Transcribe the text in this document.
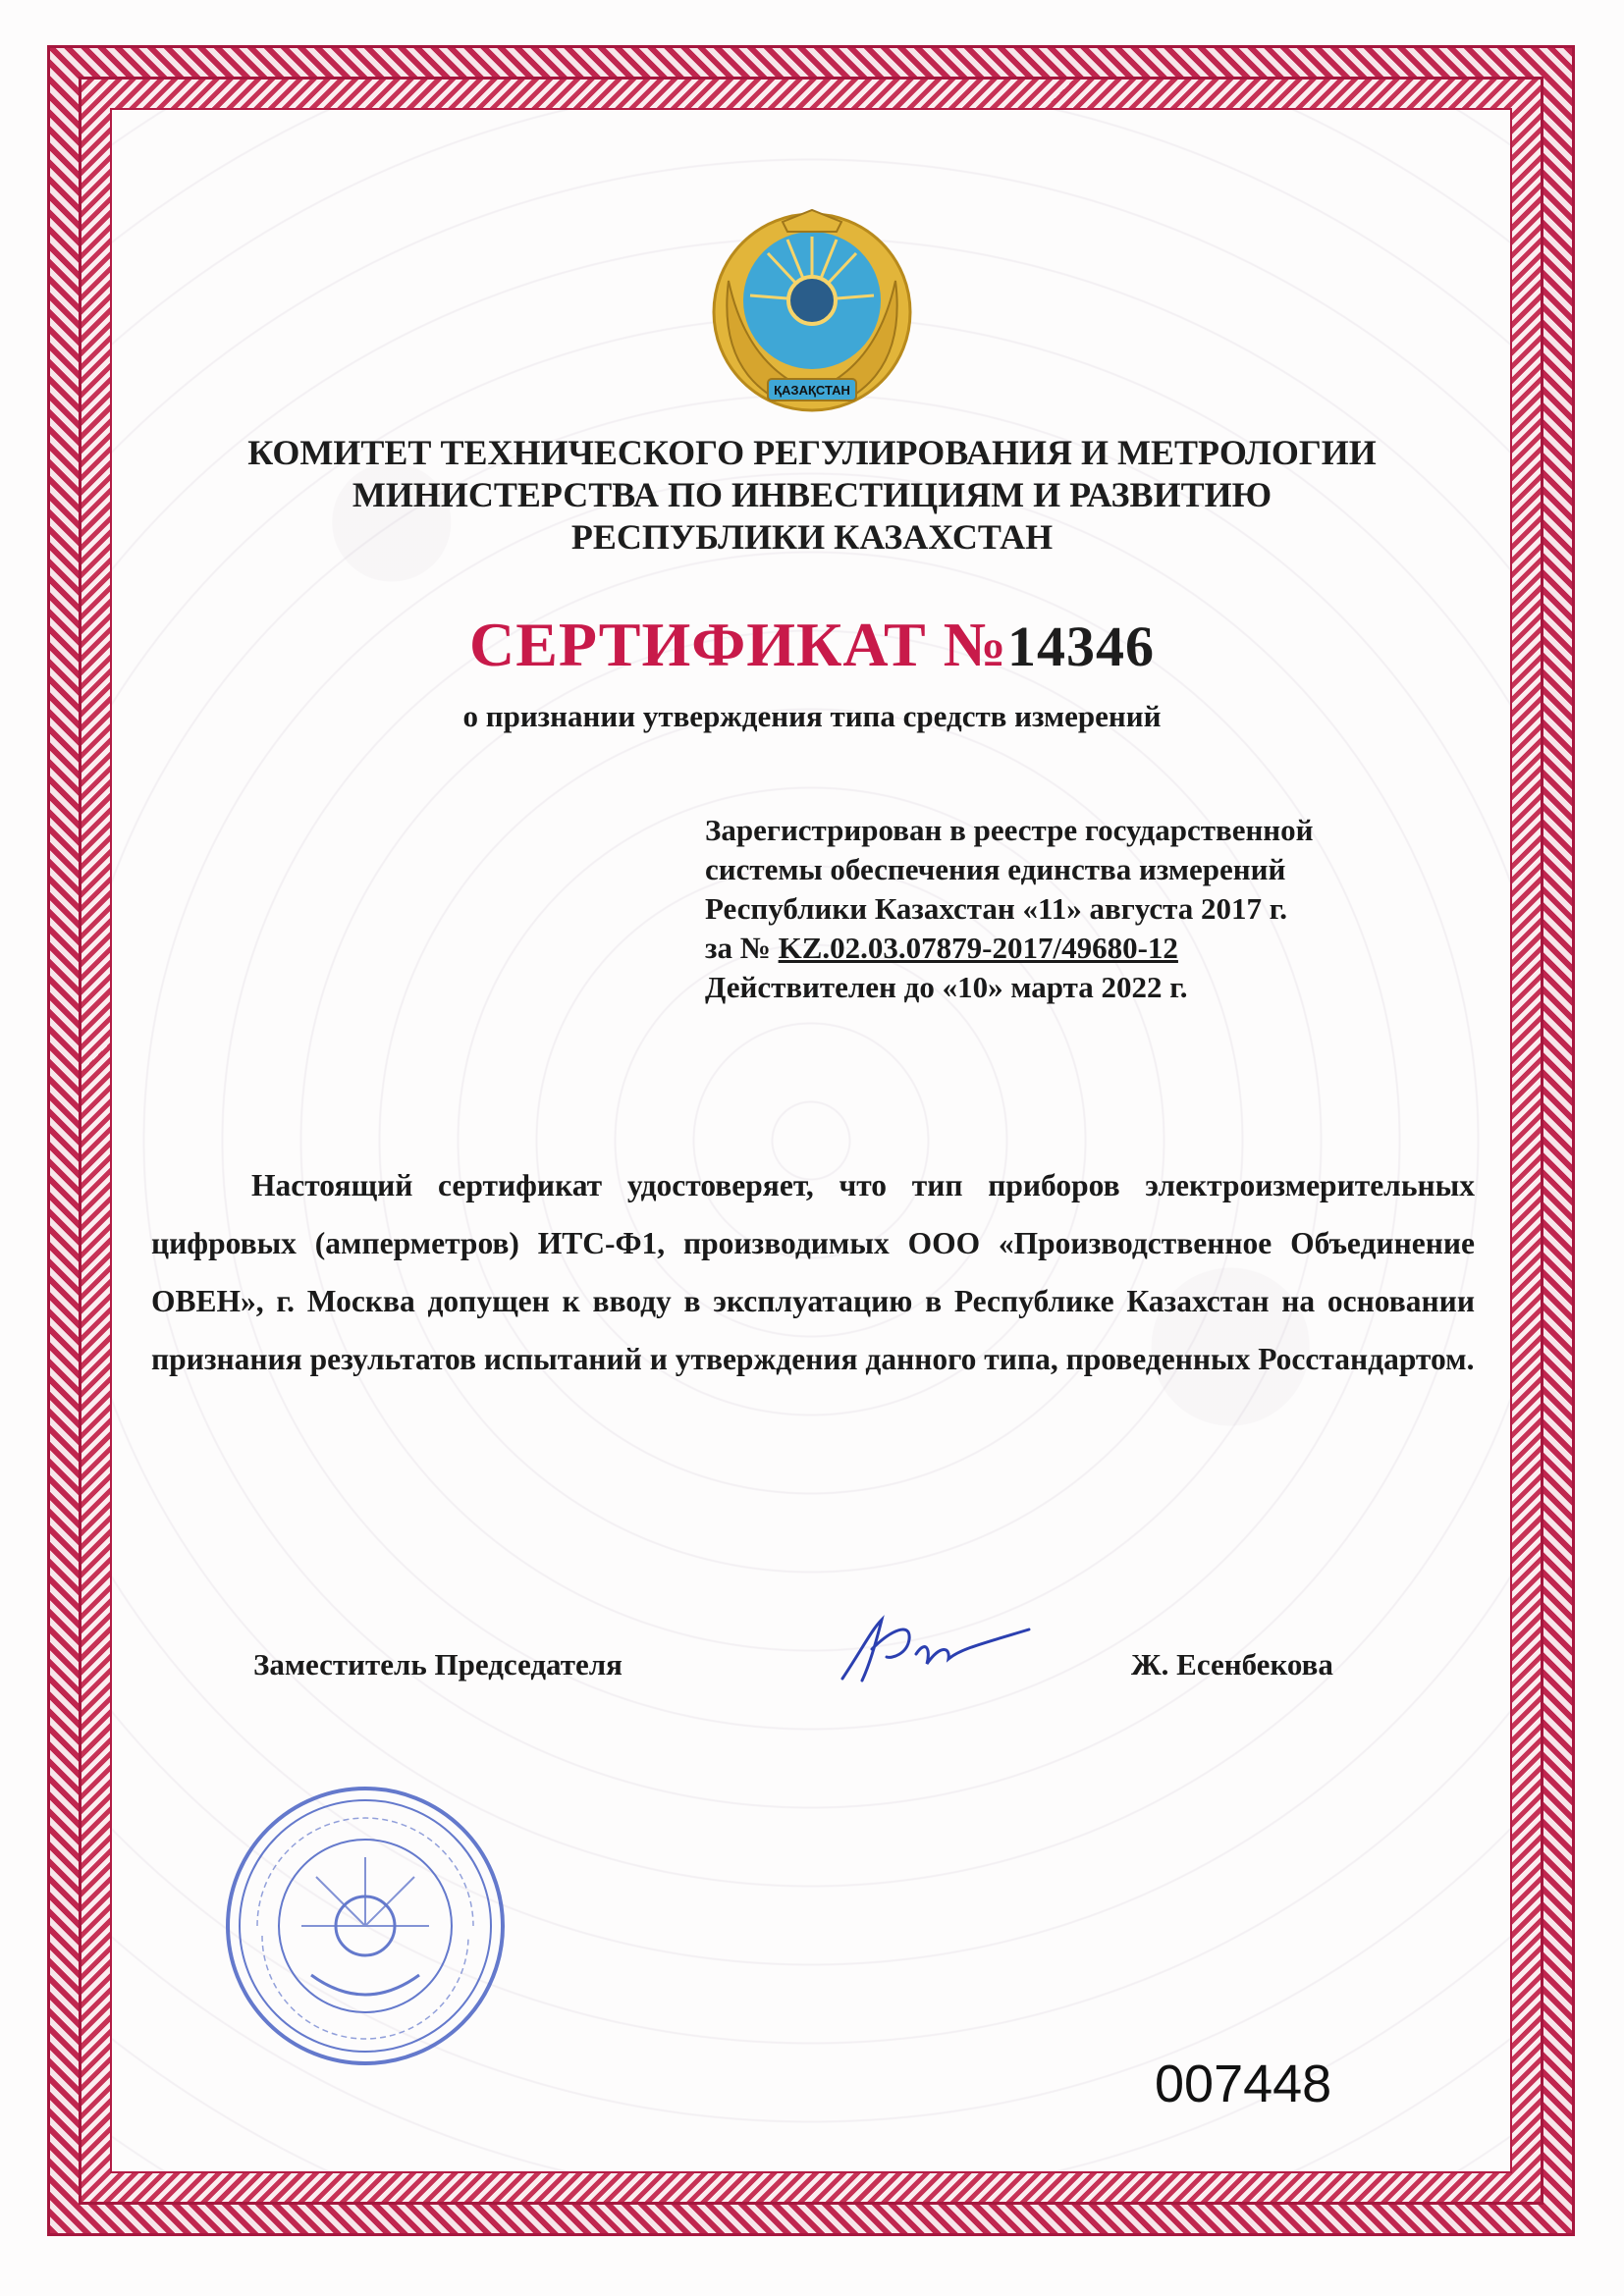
ҚАЗАҚСТАН
КОМИТЕТ ТЕХНИЧЕСКОГО РЕГУЛИРОВАНИЯ И МЕТРОЛОГИИ
МИНИСТЕРСТВА ПО ИНВЕСТИЦИЯМ И РАЗВИТИЮ
РЕСПУБЛИКИ КАЗАХСТАН
СЕРТИФИКАТ №14346
о признании утверждения типа средств измерений
Зарегистрирован в реестре государственной
системы обеспечения единства измерений
Республики Казахстан «11» августа 2017 г.
за № KZ.02.03.07879-2017/49680-12
Действителен до «10» марта 2022 г.

Настоящий сертификат удостоверяет, что тип приборов электроизмерительных цифровых (амперметров) ИТС-Ф1, производимых ООО «Производственное Объединение ОВЕН», г. Москва допущен к вводу в эксплуатацию в Республике Казахстан на основании признания результатов испытаний и утверждения данного типа, проведенных Росстандартом.

Заместитель Председателя	Ж. Есенбекова
007448
